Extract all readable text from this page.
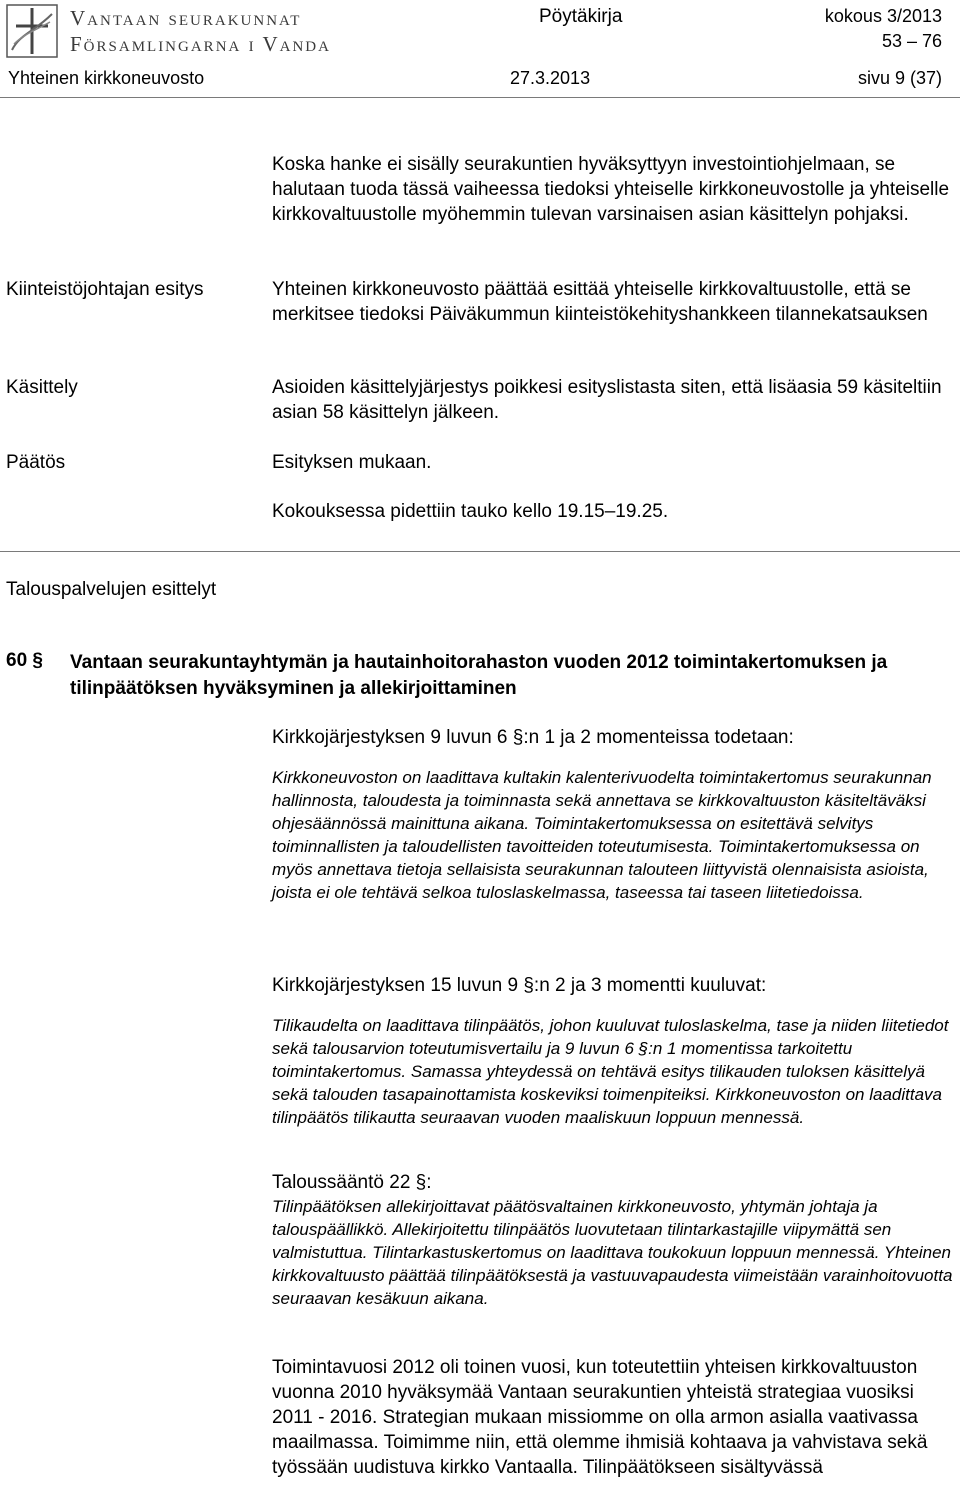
Vantaan seurakunnat
Församlingarna i Vanda
Pöytäkirja	kokous 3/2013
53 – 76
Yhteinen kirkkoneuvosto	27.3.2013	sivu 9 (37)

Koska hanke ei sisälly seurakuntien hyväksyttyyn investointiohjelmaan, se halutaan tuoda tässä vaiheessa tiedoksi yhteiselle kirkkoneuvostolle ja yhteiselle kirkkovaltuustolle myöhemmin tulevan varsinaisen asian käsittelyn pohjaksi.

Kiinteistöjohtajan esitys	Yhteinen kirkkoneuvosto päättää esittää yhteiselle kirkkovaltuustolle, että se merkitsee tiedoksi Päiväkummun kiinteistökehityshankkeen tilannekatsauksen

Käsittely	Asioiden käsittelyjärjestys poikkesi esityslistasta siten, että lisäasia 59 käsiteltiin asian 58 käsittelyn jälkeen.

Päätös	Esityksen mukaan.

Kokouksessa pidettiin tauko kello 19.15–19.25.

Talouspalvelujen esittelyt
60 § Vantaan seurakuntayhtymän ja hautainhoitorahaston vuoden 2012 toimintakertomuksen ja tilinpäätöksen hyväksyminen ja allekirjoittaminen

Kirkkojärjestyksen 9 luvun 6 §:n 1 ja 2 momenteissa todetaan:

Kirkkoneuvoston on laadittava kultakin kalenterivuodelta toimintakertomus seurakunnan hallinnosta, taloudesta ja toiminnasta sekä annettava se kirkkovaltuuston käsiteltäväksi ohjesäännössä mainittuna aikana. Toimintakertomuksessa on esitettävä selvitys toiminnallisten ja taloudellisten tavoitteiden toteutumisesta. Toimintakertomuksessa on myös annettava tietoja sellaisista seurakunnan talouteen liittyvistä olennaisista asioista, joista ei ole tehtävä selkoa tuloslaskelmassa, taseessa tai taseen liitetiedoissa.

Kirkkojärjestyksen 15 luvun 9 §:n 2 ja 3 momentti kuuluvat:

Tilikaudelta on laadittava tilinpäätös, johon kuuluvat tuloslaskelma, tase ja niiden liitetiedot sekä talousarvion toteutumisvertailu ja 9 luvun 6 §:n 1 momentissa tarkoitettu toimintakertomus. Samassa yhteydessä on tehtävä esitys tilikauden tuloksen käsittelyä sekä talouden tasapainottamista koskeviksi toimenpiteiksi. Kirkkoneuvoston on laadittava tilinpäätös tilikautta seuraavan vuoden maaliskuun loppuun mennessä.

Taloussääntö 22 §:

Tilinpäätöksen allekirjoittavat päätösvaltainen kirkkoneuvosto, yhtymän johtaja ja talouspäällikkö. Allekirjoitettu tilinpäätös luovutetaan tilintarkastajille viipymättä sen valmistuttua. Tilintarkastuskertomus on laadittava toukokuun loppuun mennessä. Yhteinen kirkkovaltuusto päättää tilinpäätöksestä ja vastuuvapaudesta viimeistään varainhoitovuotta seuraavan kesäkuun aikana.

Toimintavuosi 2012 oli toinen vuosi, kun toteutettiin yhteisen kirkkovaltuuston vuonna 2010 hyväksymää Vantaan seurakuntien yhteistä strategiaa vuosiksi 2011 - 2016. Strategian mukaan missiomme on olla armon asialla vaativassa maailmassa. Toimimme niin, että olemme ihmisiä kohtaava ja vahvistava sekä työssään uudistuva kirkko Vantaalla. Tilinpäätökseen sisältyvässä
